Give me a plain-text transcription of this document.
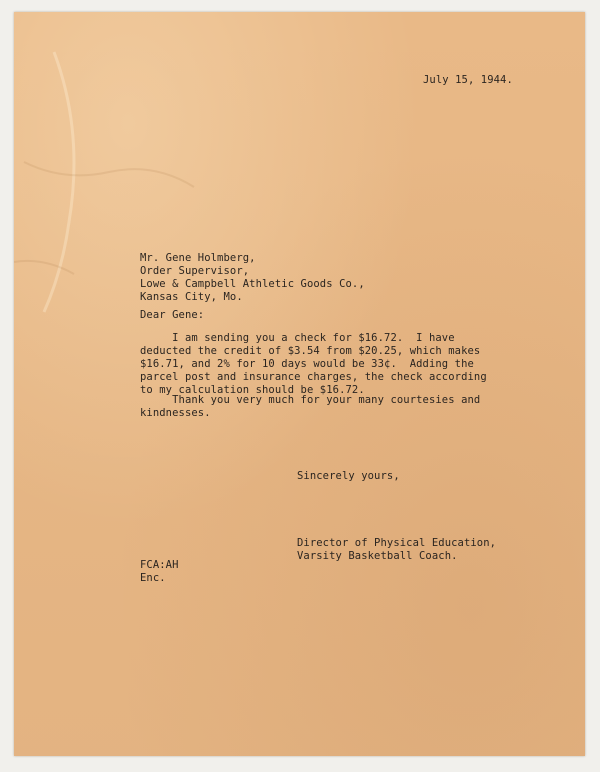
July 15, 1944.
Mr. Gene Holmberg,
Order Supervisor,
Lowe & Campbell Athletic Goods Co.,
Kansas City, Mo.
Dear Gene:
I am sending you a check for $16.72.  I have
deducted the credit of $3.54 from $20.25, which makes
$16.71, and 2% for 10 days would be 33¢.  Adding the
parcel post and insurance charges, the check according
to my calculation should be $16.72.
Thank you very much for your many courtesies and
kindnesses.
Sincerely yours,
Director of Physical Education,
Varsity Basketball Coach.
FCA:AH
Enc.
